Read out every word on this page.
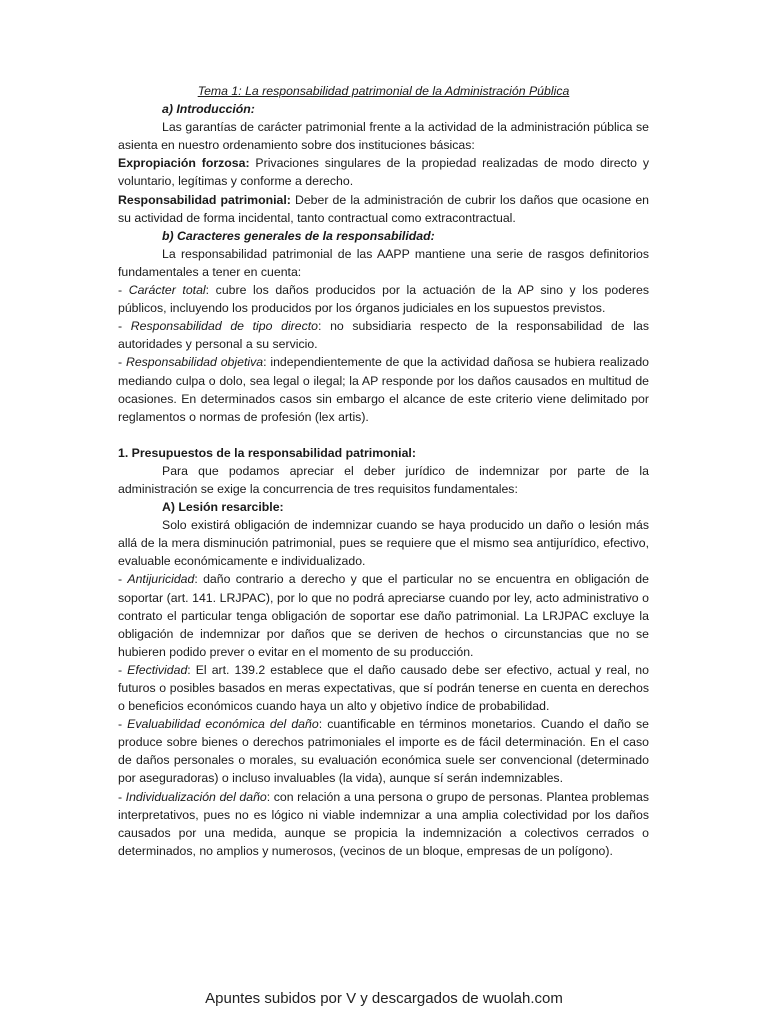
Tema 1: La responsabilidad patrimonial de la Administración Pública

a) Introducción:

Las garantías de carácter patrimonial frente a la actividad de la administración pública se asienta en nuestro ordenamiento sobre dos instituciones básicas:

Expropiación forzosa: Privaciones singulares de la propiedad realizadas de modo directo y voluntario, legítimas y conforme a derecho.

Responsabilidad patrimonial: Deber de la administración de cubrir los daños que ocasione en su actividad de forma incidental, tanto contractual como extracontractual.

b) Caracteres generales de la responsabilidad:

La responsabilidad patrimonial de las AAPP mantiene una serie de rasgos definitorios fundamentales a tener en cuenta:

- Carácter total: cubre los daños producidos por la actuación de la AP sino y los poderes públicos, incluyendo los producidos por los órganos judiciales en los supuestos previstos.

- Responsabilidad de tipo directo: no subsidiaria respecto de la responsabilidad de las autoridades y personal a su servicio.

- Responsabilidad objetiva: independientemente de que la actividad dañosa se hubiera realizado mediando culpa o dolo, sea legal o ilegal; la AP responde por los daños causados en multitud de ocasiones. En determinados casos sin embargo el alcance de este criterio viene delimitado por reglamentos o normas de profesión (lex artis).

1. Presupuestos de la responsabilidad patrimonial:

Para que podamos apreciar el deber jurídico de indemnizar por parte de la administración se exige la concurrencia de tres requisitos fundamentales:

A) Lesión resarcible:

Solo existirá obligación de indemnizar cuando se haya producido un daño o lesión más allá de la mera disminución patrimonial, pues se requiere que el mismo sea antijurídico, efectivo, evaluable económicamente e individualizado.

- Antijuricidad: daño contrario a derecho y que el particular no se encuentra en obligación de soportar (art. 141. LRJPAC), por lo que no podrá apreciarse cuando por ley, acto administrativo o contrato el particular tenga obligación de soportar ese daño patrimonial. La LRJPAC excluye la obligación de indemnizar por daños que se deriven de hechos o circunstancias que no se hubieren podido prever o evitar en el momento de su producción.

- Efectividad: El art. 139.2 establece que el daño causado debe ser efectivo, actual y real, no futuros o posibles basados en meras expectativas, que sí podrán tenerse en cuenta en derechos o beneficios económicos cuando haya un alto y objetivo índice de probabilidad.

- Evaluabilidad económica del daño: cuantificable en términos monetarios. Cuando el daño se produce sobre bienes o derechos patrimoniales el importe es de fácil determinación. En el caso de daños personales o morales, su evaluación económica suele ser convencional (determinado por aseguradoras) o incluso invaluables (la vida), aunque sí serán indemnizables.

- Individualización del daño: con relación a una persona o grupo de personas. Plantea problemas interpretativos, pues no es lógico ni viable indemnizar a una amplia colectividad por los daños causados por una medida, aunque se propicia la indemnización a colectivos cerrados o determinados, no amplios y numerosos, (vecinos de un bloque, empresas de un polígono).

Apuntes subidos por V y descargados de wuolah.com
